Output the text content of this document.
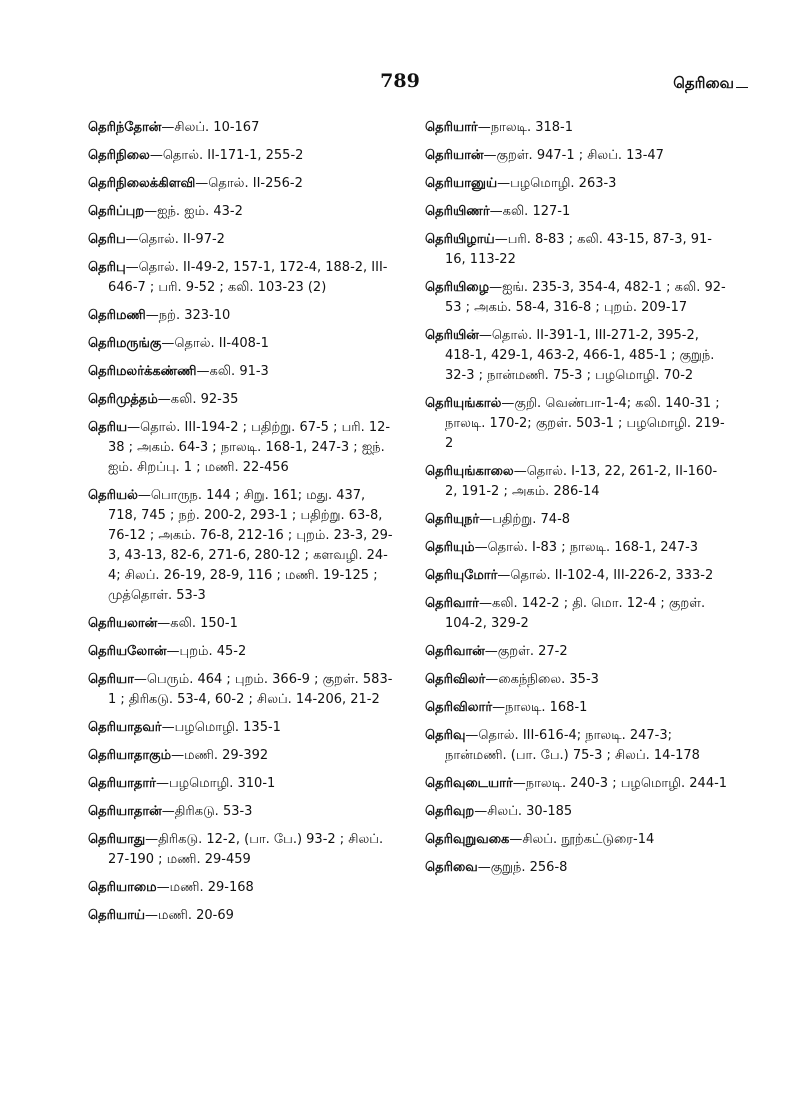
789	தெரிவை
தெரிந்தோன்—சிலப். 10-167
தெரிநிலை—தொல். II-171-1, 255-2
தெரிநிலைக்கிளவி—தொல். II-256-2
தெரிப்புற—ஐந். ஐம். 43-2
தெரிப—தொல். II-97-2
தெரிபு—தொல். II-49-2, 157-1, 172-4, 188-2, III-646-7 ; பரி. 9-52 ; கலி. 103-23 (2)
தெரிமணி—நற். 323-10
தெரிமருங்கு—தொல். II-408-1
தெரிமலர்க்கண்ணி—கலி. 91-3
தெரிமுத்தம்—கலி. 92-35
தெரிய—தொல். III-194-2 ; பதிற்று. 67-5 ; பரி. 12-38 ; அகம். 64-3 ; நாலடி. 168-1, 247-3 ; ஐந். ஐம். சிறப்பு. 1 ; மணி. 22-456
தெரியல்—பொருந. 144 ; சிறு. 161; மது. 437, 718, 745 ; நற். 200-2, 293-1 ; பதிற்று. 63-8, 76-12 ; அகம். 76-8, 212-16 ; புறம். 23-3, 29-3, 43-13, 82-6, 271-6, 280-12 ; களவழி. 24-4; சிலப். 26-19, 28-9, 116 ; மணி. 19-125 ; முத்தொள். 53-3
தெரியலான்—கலி. 150-1
தெரியலோன்—புறம். 45-2
தெரியா—பெரும். 464 ; புறம். 366-9 ; குறள். 583-1 ; திரிகடு. 53-4, 60-2 ; சிலப். 14-206, 21-2
தெரியாதவர்—பழமொழி. 135-1
தெரியாதாகும்—மணி. 29-392
தெரியாதார்—பழமொழி. 310-1
தெரியாதான்—திரிகடு. 53-3
தெரியாது—திரிகடு. 12-2, (பா. பே.) 93-2 ; சிலப். 27-190 ; மணி. 29-459
தெரியாமை—மணி. 29-168
தெரியாய்—மணி. 20-69
தெரியார்—நாலடி. 318-1
தெரியான்—குறள். 947-1 ; சிலப். 13-47
தெரியானுய்—பழமொழி. 263-3
தெரியிணர்—கலி. 127-1
தெரியிழாய்—பரி. 8-83 ; கலி. 43-15, 87-3, 91-16, 113-22
தெரியிழை—ஐங். 235-3, 354-4, 482-1 ; கலி. 92-53 ; அகம். 58-4, 316-8 ; புறம். 209-17
தெரியின்—தொல். II-391-1, III-271-2, 395-2, 418-1, 429-1, 463-2, 466-1, 485-1 ; குறுந். 32-3 ; நான்மணி. 75-3 ; பழமொழி. 70-2
தெரியுங்கால்—குறி. வெண்பா-1-4; கலி. 140-31 ; நாலடி. 170-2; குறள். 503-1 ; பழமொழி. 219-2
தெரியுங்காலை—தொல். I-13, 22, 261-2, II-160-2, 191-2 ; அகம். 286-14
தெரியுநர்—பதிற்று. 74-8
தெரியும்—தொல். I-83 ; நாலடி. 168-1, 247-3
தெரியுமோர்—தொல். II-102-4, III-226-2, 333-2
தெரிவார்—கலி. 142-2 ; தி. மொ. 12-4 ; குறள். 104-2, 329-2
தெரிவான்—குறள். 27-2
தெரிவிலர்—கைந்நிலை. 35-3
தெரிவிலார்—நாலடி. 168-1
தெரிவு—தொல். III-616-4; நாலடி. 247-3; நான்மணி. (பா. பே.) 75-3 ; சிலப். 14-178
தெரிவுடையார்—நாலடி. 240-3 ; பழமொழி. 244-1
தெரிவுற—சிலப். 30-185
தெரிவுறுவகை—சிலப். நூற்கட்டுரை-14
தெரிவை—குறுந். 256-8
